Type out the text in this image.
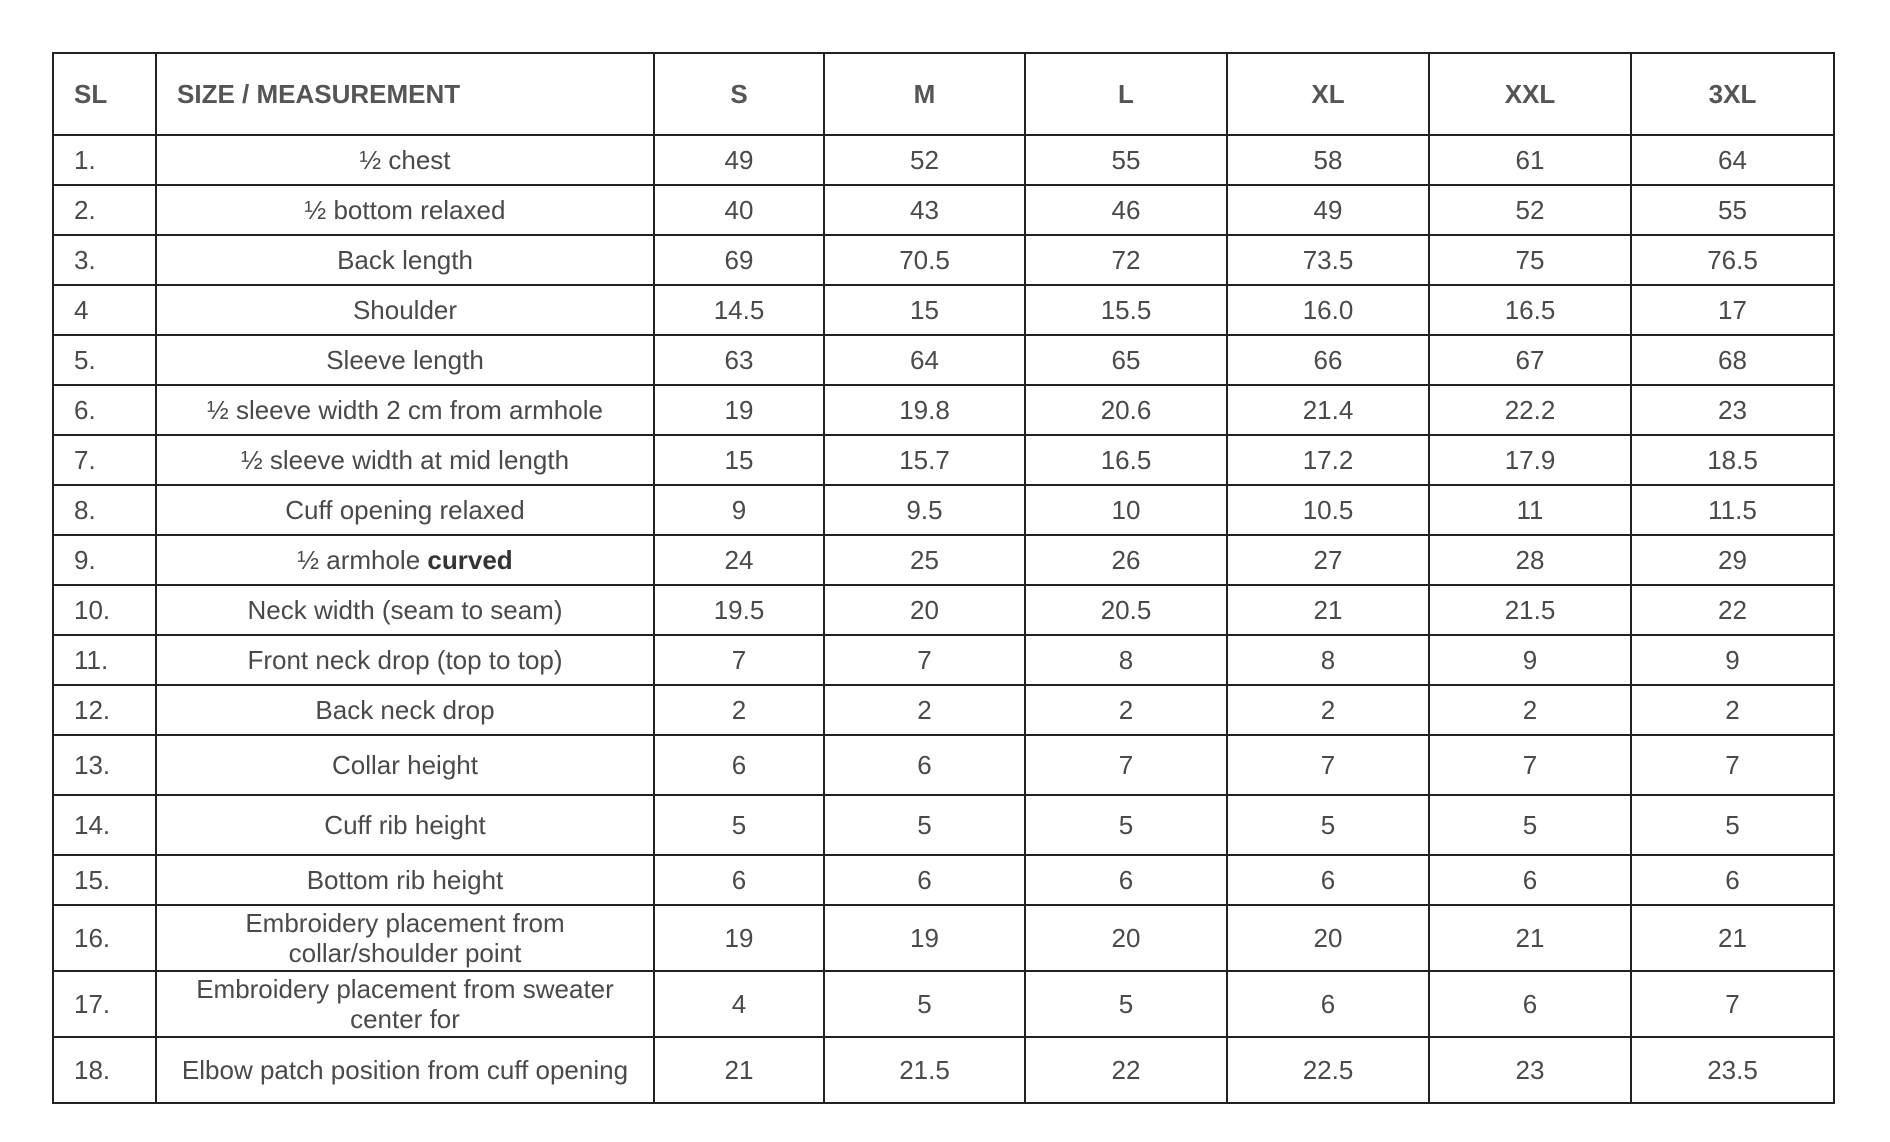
SL	SIZE / MEASUREMENT	S	M	L	XL	XXL	3XL
1.	½ chest	49	52	55	58	61	64
2.	½ bottom relaxed	40	43	46	49	52	55
3.	Back length	69	70.5	72	73.5	75	76.5
4	Shoulder	14.5	15	15.5	16.0	16.5	17
5.	Sleeve length	63	64	65	66	67	68
6.	½ sleeve width 2 cm from armhole	19	19.8	20.6	21.4	22.2	23
7.	½ sleeve width at mid length	15	15.7	16.5	17.2	17.9	18.5
8.	Cuff opening relaxed	9	9.5	10	10.5	11	11.5
9.	½ armhole curved	24	25	26	27	28	29
10.	Neck width (seam to seam)	19.5	20	20.5	21	21.5	22
11.	Front neck drop (top to top)	7	7	8	8	9	9
12.	Back neck drop	2	2	2	2	2	2
13.	Collar height	6	6	7	7	7	7
14.	Cuff rib height	5	5	5	5	5	5
15.	Bottom rib height	6	6	6	6	6	6
16.	Embroidery placement from collar/shoulder point	19	19	20	20	21	21
17.	Embroidery placement from sweater center for	4	5	5	6	6	7
18.	Elbow patch position from cuff opening	21	21.5	22	22.5	23	23.5
